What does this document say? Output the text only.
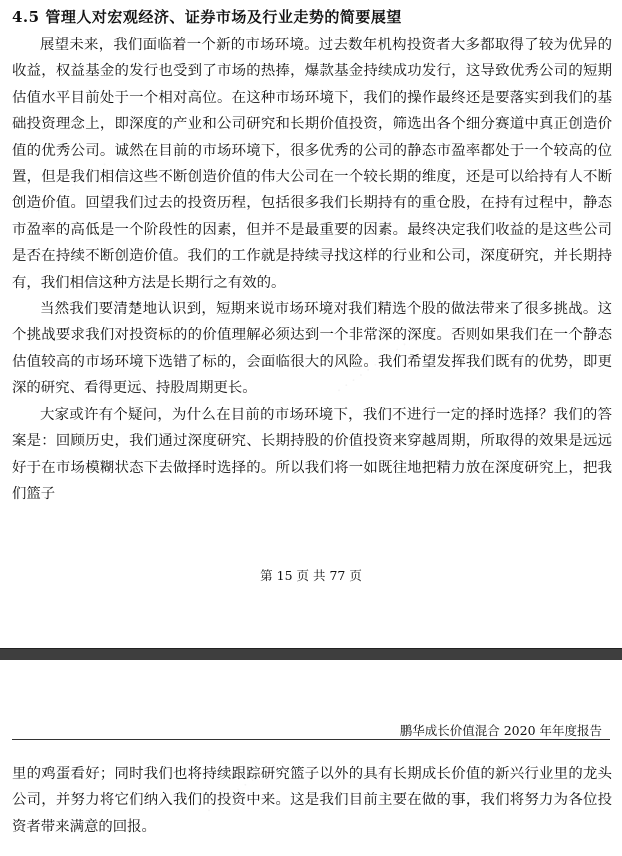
· · · · · · · · · ·
· · · · · · · · · ·
4.5 管理人对宏观经济、证券市场及行业走势的简要展望

展望未来，我们面临着一个新的市场环境。过去数年机构投资者大多都取得了较为优异的收益，权益基金的发行也受到了市场的热捧，爆款基金持续成功发行，这导致优秀公司的短期估值水平目前处于一个相对高位。在这种市场环境下，我们的操作最终还是要落实到我们的基础投资理念上，即深度的产业和公司研究和长期价值投资，筛选出各个细分赛道中真正创造价值的优秀公司。诚然在目前的市场环境下，很多优秀的公司的静态市盈率都处于一个较高的位置，但是我们相信这些不断创造价值的伟大公司在一个较长期的维度，还是可以给持有人不断创造价值。回望我们过去的投资历程，包括很多我们长期持有的重仓股，在持有过程中，静态市盈率的高低是一个阶段性的因素，但并不是最重要的因素。最终决定我们收益的是这些公司是否在持续不断创造价值。我们的工作就是持续寻找这样的行业和公司，深度研究，并长期持有，我们相信这种方法是长期行之有效的。

当然我们要清楚地认识到，短期来说市场环境对我们精选个股的做法带来了很多挑战。这个挑战要求我们对投资标的的价值理解必须达到一个非常深的深度。否则如果我们在一个静态估值较高的市场环境下选错了标的，会面临很大的风险。我们希望发挥我们既有的优势，即更深的研究、看得更远、持股周期更长。

大家或许有个疑问，为什么在目前的市场环境下，我们不进行一定的择时选择？我们的答案是：回顾历史，我们通过深度研究、长期持股的价值投资来穿越周期，所取得的效果是远远好于在市场模糊状态下去做择时选择的。所以我们将一如既往地把精力放在深度研究上，把我们篮子

第 15 页 共 77 页
· · · · · · · · · ·
鹏华成长价值混合 2020 年年度报告

里的鸡蛋看好；同时我们也将持续跟踪研究篮子以外的具有长期成长价值的新兴行业里的龙头公司，并努力将它们纳入我们的投资中来。这是我们目前主要在做的事，我们将努力为各位投资者带来满意的回报。
